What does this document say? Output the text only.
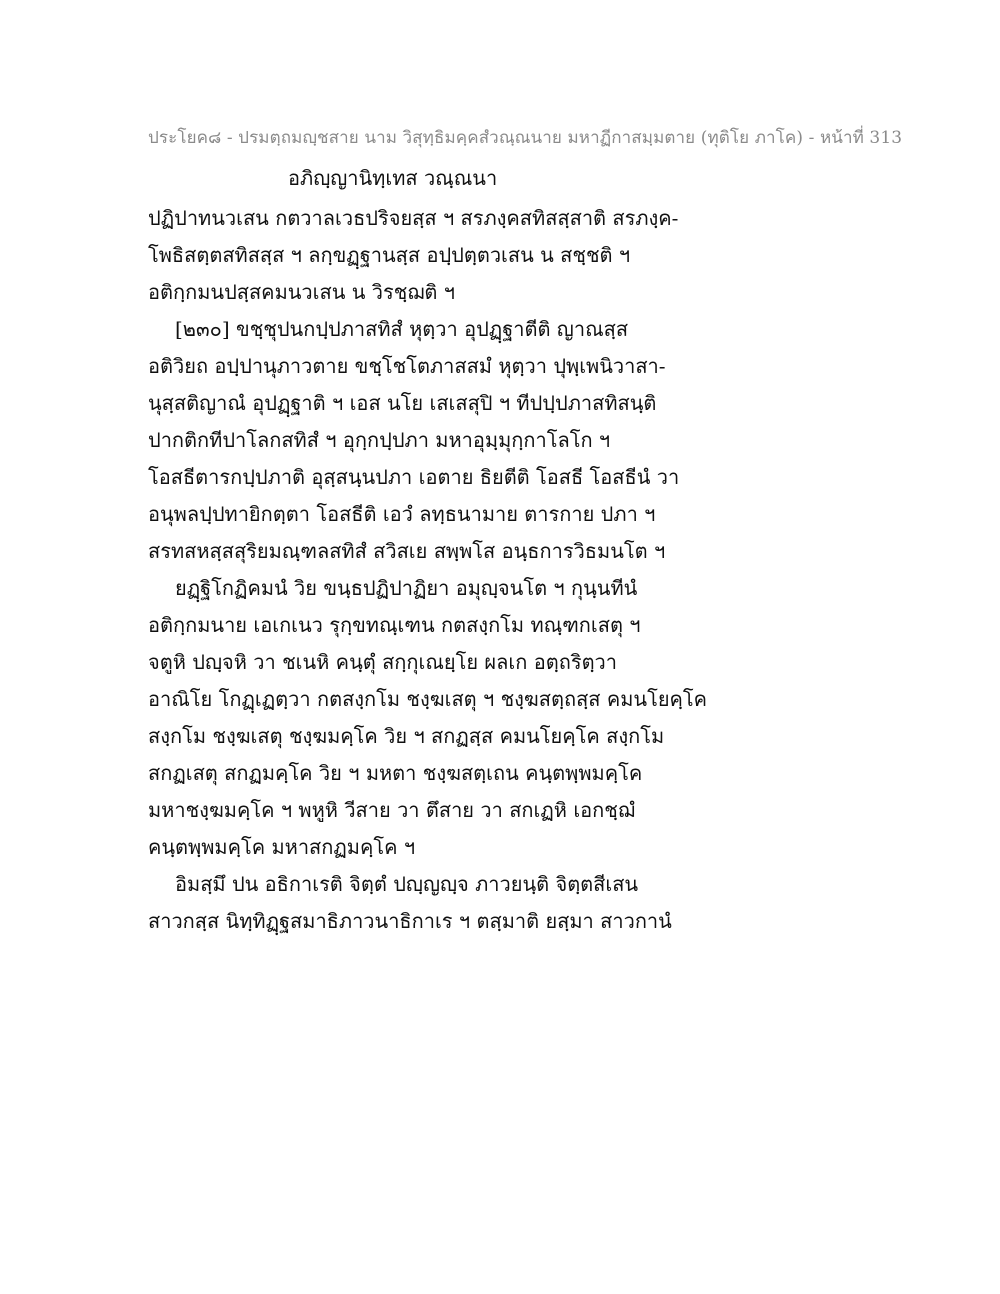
ประโยค๘ - ปรมตฺถมญฺชสาย นาม วิสุทฺธิมคฺคสํวณฺณนาย มหาฏีกาสมฺมตาย (ทุติโย ภาโค) - หน้าที่ 313
อภิญฺญานิทฺเทส วณฺณนา
ปฏิปาทนวเสน กตวาลเวธปริจยสฺส ฯ สรภงฺคสทิสสฺสาติ สรภงฺค-
โพธิสตฺตสทิสสฺส ฯ ลกฺขฏฺฐานสฺส อปฺปตฺตวเสน น สชฺชติ ฯ
อติกฺกมนปสฺสคมนวเสน น วิรชฺฌติ ฯ
[๒๓๐] ขชฺชุปนกปฺปภาสทิสํ หุตฺวา อุปฏฺฐาตีติ ญาณสฺส
อติวิยถ อปฺปานุภาวตาย ขชฺโชโตภาสสมํ หุตฺวา ปุพฺเพนิวาสา-
นุสฺสติญาณํ อุปฏฺฐาติ ฯ เอส นโย เสเสสุปิ ฯ ทีปปฺปภาสทิสนฺติ
ปากติกทีปาโลกสทิสํ ฯ อุกฺกปฺปภา มหาอุมฺมุกฺกาโลโก ฯ
โอสธีตารกปฺปภาติ อุสฺสนฺนปภา เอตาย ธิยตีติ โอสธี โอสธีนํ วา
อนุพลปฺปทายิกตฺตา โอสธีติ เอวํ ลทฺธนามาย ตารกาย ปภา ฯ
สรทสหสฺสสุริยมณฺฑลสทิสํ สวิสเย สพฺพโส อนฺธการวิธมนโต ฯ
ยฏฺฐิโกฏิคมนํ วิย ขนฺธปฏิปาฏิยา อมุญฺจนโต ฯ กุนฺนทีนํ
อติกฺกมนาย เอเกเนว รุกฺขทณฺเฑน กตสงฺกโม ทณฺฑกเสตุ ฯ
จตูหิ ปญฺจหิ วา ชเนหิ คนฺตุํ สกฺกุเณยฺโย ผลเก อตฺถริตฺวา
อาณิโย โกฏฺเฏตฺวา กตสงฺกโม ชงฺฆเสตุ ฯ ชงฺฆสตฺถสฺส คมนโยคฺโค
สงฺกโม ชงฺฆเสตุ ชงฺฆมคฺโค วิย ฯ สกฏสฺส คมนโยคฺโค สงฺกโม
สกฏเสตุ สกฏมคฺโค วิย ฯ มหตา ชงฺฆสตฺเถน คนฺตพฺพมคฺโค
มหาชงฺฆมคฺโค ฯ พหูหิ วีสาย วา ตึสาย วา สกเฏหิ เอกชฺฌํ
คนฺตพฺพมคฺโค มหาสกฏมคฺโค ฯ
อิมสฺมึ ปน อธิกาเรติ จิตฺตํ ปญฺญญฺจ ภาวยนฺติ จิตฺตสีเสน
สาวกสฺส นิทฺทิฏฺฐสมาธิภาวนาธิกาเร ฯ ตสฺมาติ ยสฺมา สาวกานํ
